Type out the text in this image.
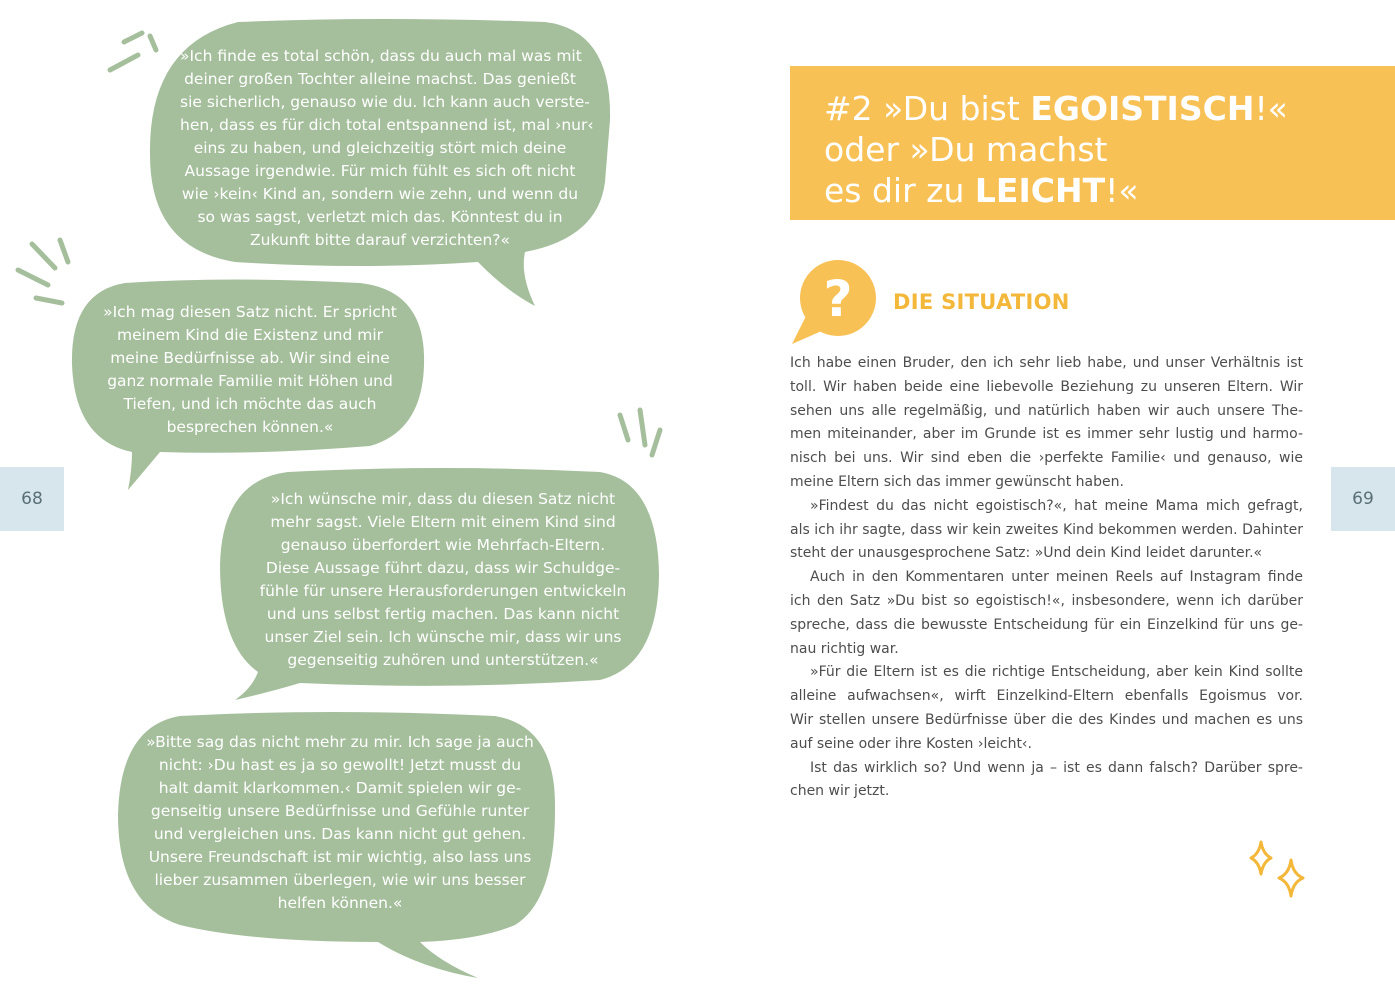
68	69
»Ich finde es total schön, dass du auch mal was mit
deiner großen Tochter alleine machst. Das genießt
sie sicherlich, genauso wie du. Ich kann auch verste-
hen, dass es für dich total entspannend ist, mal ›nur‹
eins zu haben, und gleichzeitig stört mich deine
Aussage irgendwie. Für mich fühlt es sich oft nicht
wie ›kein‹ Kind an, sondern wie zehn, und wenn du
so was sagst, verletzt mich das. Könntest du in
Zukunft bitte darauf verzichten?«
»Ich mag diesen Satz nicht. Er spricht
meinem Kind die Existenz und mir
meine Bedürfnisse ab. Wir sind eine
ganz normale Familie mit Höhen und
Tiefen, und ich möchte das auch
besprechen können.«
»Ich wünsche mir, dass du diesen Satz nicht
mehr sagst. Viele Eltern mit einem Kind sind
genauso überfordert wie Mehrfach-Eltern.
Diese Aussage führt dazu, dass wir Schuldge-
fühle für unsere Herausforderungen entwickeln
und uns selbst fertig machen. Das kann nicht
unser Ziel sein. Ich wünsche mir, dass wir uns
gegenseitig zuhören und unterstützen.«
»Bitte sag das nicht mehr zu mir. Ich sage ja auch
nicht: ›Du hast es ja so gewollt! Jetzt musst du
halt damit klarkommen.‹ Damit spielen wir ge-
genseitig unsere Bedürfnisse und Gefühle runter
und vergleichen uns. Das kann nicht gut gehen.
Unsere Freundschaft ist mir wichtig, also lass uns
lieber zusammen überlegen, wie wir uns besser
helfen können.«
#2 »Du bist EGOISTISCH!«
oder »Du machst
es dir zu LEICHT!«
? DIE SITUATION
Ich habe einen Bruder, den ich sehr lieb habe, und unser Verhältnis ist
toll. Wir haben beide eine liebevolle Beziehung zu unseren Eltern. Wir
sehen uns alle regelmäßig, und natürlich haben wir auch unsere The-
men miteinander, aber im Grunde ist es immer sehr lustig und harmo-
nisch bei uns. Wir sind eben die ›perfekte Familie‹ und genauso, wie
meine Eltern sich das immer gewünscht haben.
»Findest du das nicht egoistisch?«, hat meine Mama mich gefragt,
als ich ihr sagte, dass wir kein zweites Kind bekommen werden. Dahinter
steht der unausgesprochene Satz: »Und dein Kind leidet darunter.«
Auch in den Kommentaren unter meinen Reels auf Instagram finde
ich den Satz »Du bist so egoistisch!«, insbesondere, wenn ich darüber
spreche, dass die bewusste Entscheidung für ein Einzelkind für uns ge-
nau richtig war.
»Für die Eltern ist es die richtige Entscheidung, aber kein Kind sollte
alleine aufwachsen«, wirft Einzelkind-Eltern ebenfalls Egoismus vor.
Wir stellen unsere Bedürfnisse über die des Kindes und machen es uns
auf seine oder ihre Kosten ›leicht‹.
Ist das wirklich so? Und wenn ja – ist es dann falsch? Darüber spre-
chen wir jetzt.
